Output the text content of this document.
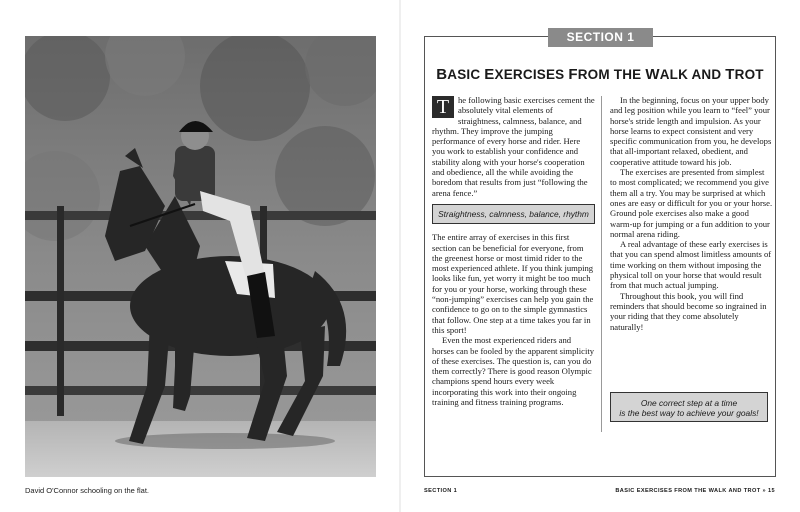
David O'Connor schooling on the flat.
SECTION 1
BASIC EXERCISES FROM THE WALK AND TROT

T	he following basic exercises cement the absolutely vital elements of straightness, calmness, balance, and rhythm. They improve the jumping performance of every horse and rider. Here you work to establish your confidence and stability along with your horse's cooperation and obedience, all the while avoiding the boredom that results from just “following the arena fence.”

Straightness, calmness, balance, rhythm

The entire array of exercises in this first section can be beneficial for everyone, from the greenest horse or most timid rider to the most experienced athlete. If you think jumping looks like fun, yet worry it might be too much for you or your horse, working through these “non-jumping” exercises can help you gain the confidence to go on to the simple gymnastics that follow. One step at a time takes you far in this sport!

Even the most experienced riders and horses can be fooled by the apparent simplicity of these exercises. The question is, can you do them correctly? There is good reason Olympic champions spend hours every week incorporating this work into their ongoing training and fitness training programs.

In the beginning, focus on your upper body and leg position while you learn to “feel” your horse's stride length and impulsion. As your horse learns to expect consistent and very specific communication from you, he develops that all-important relaxed, obedient, and cooperative attitude toward his job.

The exercises are presented from simplest to most complicated; we recommend you give them all a try. You may be surprised at which ones are easy or difficult for you or your horse. Ground pole exercises also make a good warm-up for jumping or a fun addition to your normal arena riding.

A real advantage of these early exercises is that you can spend almost limitless amounts of time working on them without imposing the physical toll on your horse that would result from that much actual jumping.

Throughout this book, you will find reminders that should become so ingrained in your riding that they come absolutely naturally!

One correct step at a time
is the best way to achieve your goals!
SECTION 1	BASIC EXERCISES FROM THE WALK AND TROT » 15
